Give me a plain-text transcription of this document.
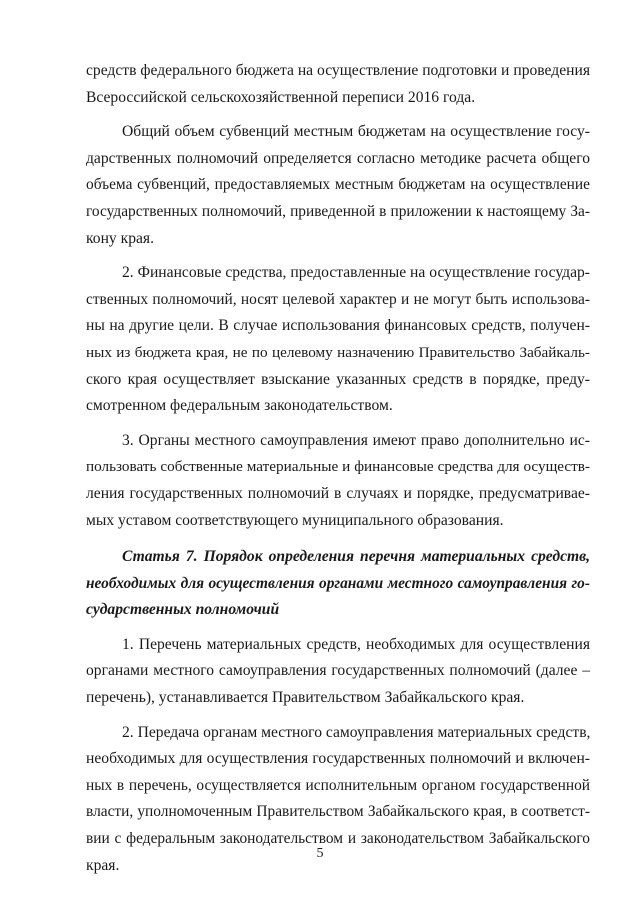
средств федерального бюджета на осуществление подготовки и проведения
Всероссийской сельскохозяйственной переписи 2016 года.
Общий объем субвенций местным бюджетам на осуществление госу-
дарственных полномочий определяется согласно методике расчета общего
объема субвенций, предоставляемых местным бюджетам на осуществление
государственных полномочий, приведенной в приложении к настоящему За-
кону края.
2. Финансовые средства, предоставленные на осуществление государ-
ственных полномочий, носят целевой характер и не могут быть использова-
ны на другие цели. В случае использования финансовых средств, получен-
ных из бюджета края, не по целевому назначению Правительство Забайкаль-
ского края осуществляет взыскание указанных средств в порядке, преду-
смотренном федеральным законодательством.
3. Органы местного самоуправления имеют право дополнительно ис-
пользовать собственные материальные и финансовые средства для осуществ-
ления государственных полномочий в случаях и порядке, предусматривае-
мых уставом соответствующего муниципального образования.
Статья 7. Порядок определения перечня материальных средств,
необходимых для осуществления органами местного самоуправления го-
сударственных полномочий
1. Перечень материальных средств, необходимых для осуществления
органами местного самоуправления государственных полномочий (далее –
перечень), устанавливается Правительством Забайкальского края.
2. Передача органам местного самоуправления материальных средств,
необходимых для осуществления государственных полномочий и включен-
ных в перечень, осуществляется исполнительным органом государственной
власти, уполномоченным Правительством Забайкальского края, в соответст-
вии с федеральным законодательством и законодательством Забайкальского
края.
5
